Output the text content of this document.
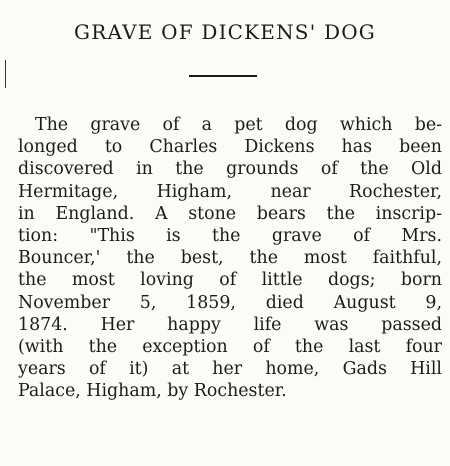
GRAVE OF DICKENS' DOG
The grave of a pet dog which be-
longed to Charles Dickens has been
discovered in the grounds of the Old
Hermitage, Higham, near Rochester,
in England. A stone bears the inscrip-
tion: "This is the grave of Mrs.
Bouncer,' the best, the most faithful,
the most loving of little dogs; born
November 5, 1859, died August 9,
1874. Her happy life was passed
(with the exception of the last four
years of it) at her home, Gads Hill
Palace, Higham, by Rochester.
